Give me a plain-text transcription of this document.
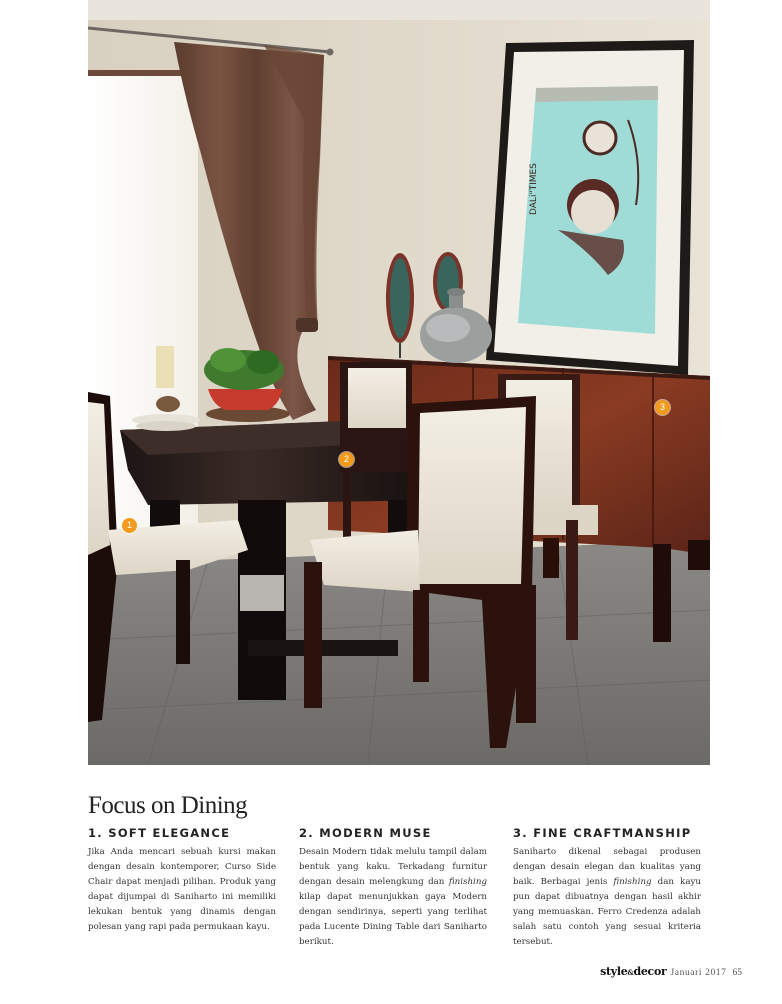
DALi"TIMES
1
2
3
Focus on Dining
1. SOFT ELEGANCE

Jika Anda mencari sebuah kursi makan dengan desain kontemporer, Curso Side Chair dapat menjadi pilihan. Produk yang dapat dijumpai di Saniharto ini memiliki lekukan bentuk yang dinamis dengan polesan yang rapi pada permukaan kayu.

2. MODERN MUSE

Desain Modern tidak melulu tampil dalam bentuk yang kaku. Terkadang furnitur dengan desain melengkung dan finishing kilap dapat menunjukkan gaya Modern dengan sendirinya, seperti yang terlihat pada Lucente Dining Table dari Saniharto berikut.

3. FINE CRAFTMANSHIP

Saniharto dikenal sebagai produsen dengan desain elegan dan kualitas yang baik. Berbagai jenis finishing dan kayu pun dapat dibuatnya dengan hasil akhir yang memuaskan. Ferro Credenza adalah salah satu contoh yang sesuai kriteria tersebut.

style&decor Januari 2017 65
